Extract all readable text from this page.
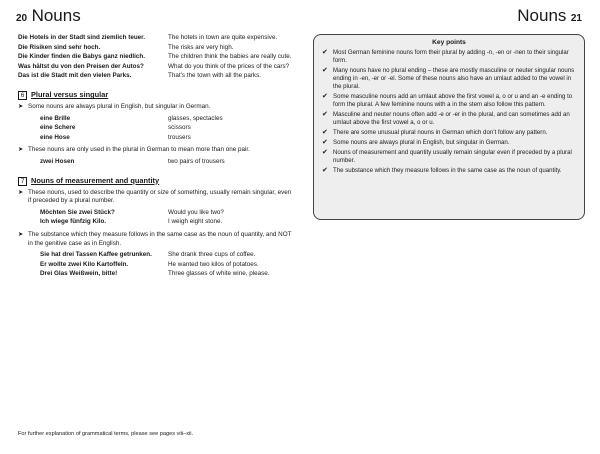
20 Nouns	Nouns 21
Die Hotels in der Stadt sind ziemlich teuer.	The hotels in town are quite expensive.
Die Risiken sind sehr hoch.	The risks are very high.
Die Kinder finden die Babys ganz niedlich.	The children think the babies are really cute.
Was hältst du von den Preisen der Autos?	What do you think of the prices of the cars?
Das ist die Stadt mit den vielen Parks.	That’s the town with all the parks.
6 Plural versus singular
➤ Some nouns are always plural in English, but singular in German.
eine Brille	glasses, spectacles
eine Schere	scissors
eine Hose	trousers
➤ These nouns are only used in the plural in German to mean more than one pair.
zwei Hosen	two pairs of trousers
7 Nouns of measurement and quantity
➤ These nouns, used to describe the quantity or size of something, usually remain singular, even if preceded by a plural number.
Möchten Sie zwei Stück?	Would you like two?
Ich wiege fünfzig Kilo.	I weigh eight stone.
➤ The substance which they measure follows in the same case as the noun of quantity, and NOT in the genitive case as in English.
Sie hat drei Tassen Kaffee getrunken.	She drank three cups of coffee.
Er wollte zwei Kilo Kartoffeln.	He wanted two kilos of potatoes.
Drei Glas Weißwein, bitte!	Three glasses of white wine, please.
Key points
✔ Most German feminine nouns form their plural by adding -n, -en or -nen to their singular form.
✔ Many nouns have no plural ending – these are mostly masculine or neuter singular nouns ending in -en, -er or -el. Some of these nouns also have an umlaut added to the vowel in the plural.
✔ Some masculine nouns add an umlaut above the first vowel a, o or u and an -e ending to form the plural. A few feminine nouns with a in the stem also follow this pattern.
✔ Masculine and neuter nouns often add -e or -er in the plural, and can sometimes add an umlaut above the first vowel a, o or u.
✔ There are some unusual plural nouns in German which don’t follow any pattern.
✔ Some nouns are always plural in English, but singular in German.
✔ Nouns of measurement and quantity usually remain singular even if preceded by a plural number.
✔ The substance which they measure follows in the same case as the noun of quantity.
For further explanation of grammatical terms, please see pages viii–xii.
